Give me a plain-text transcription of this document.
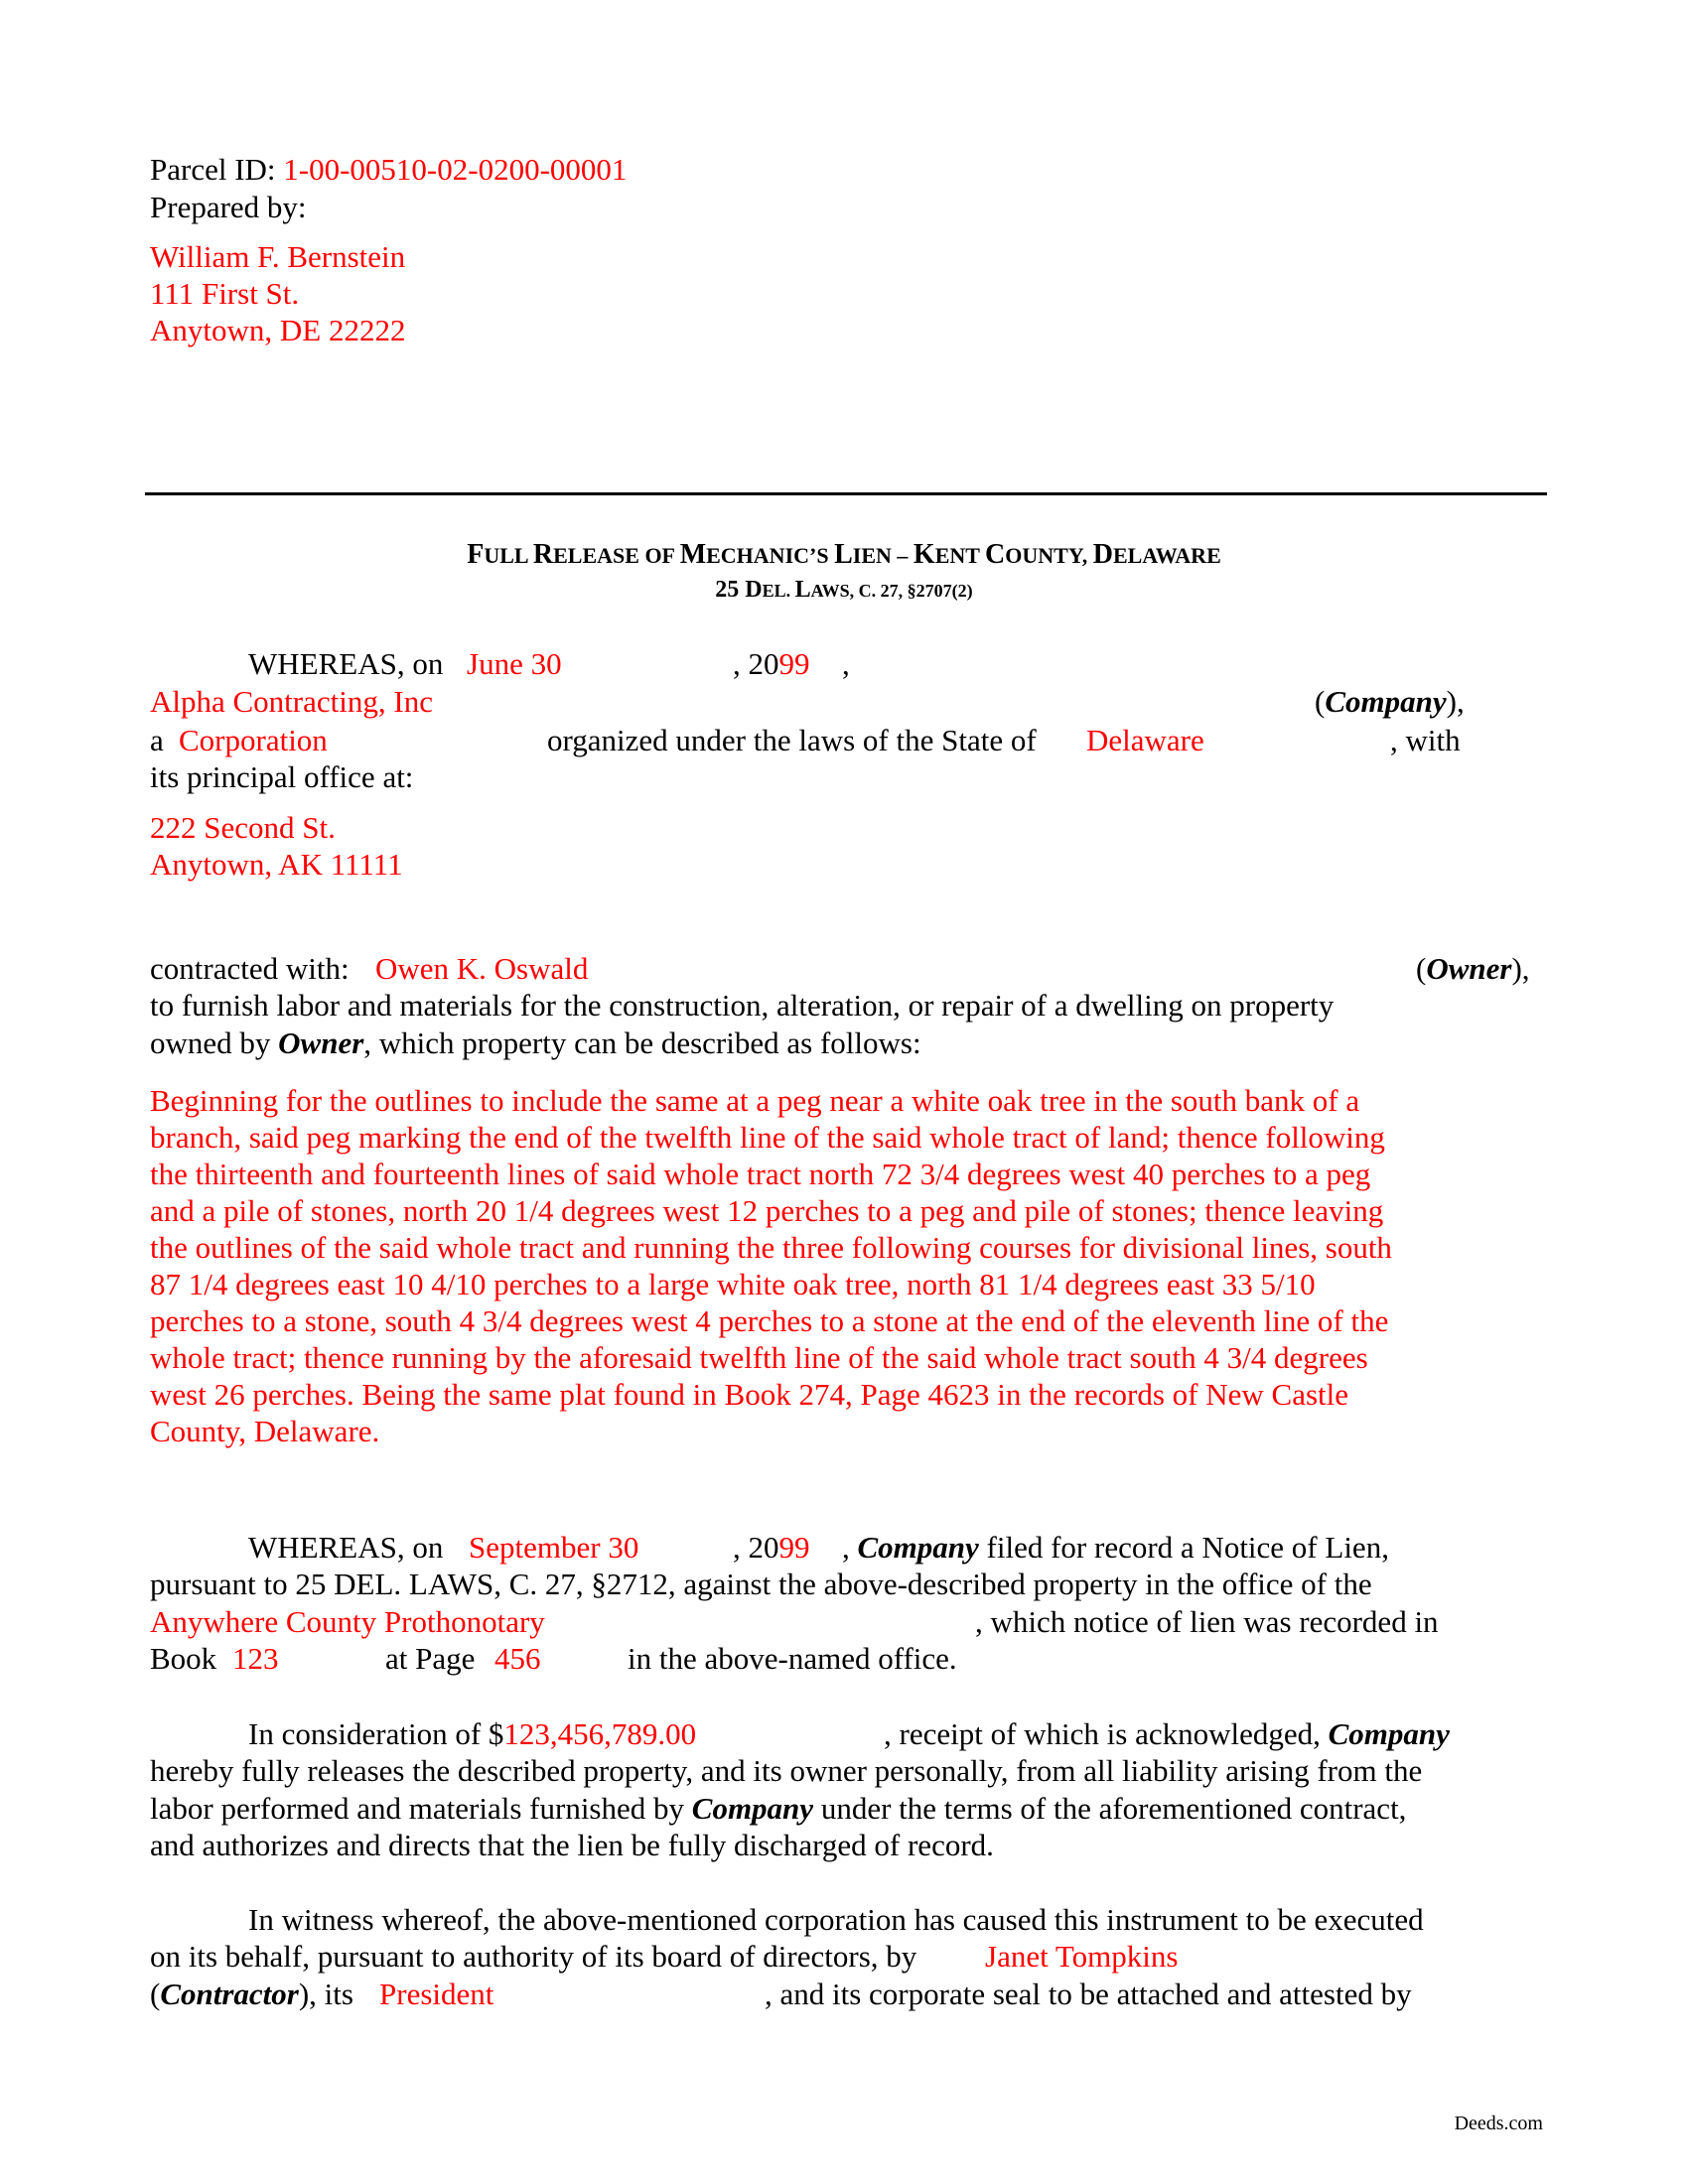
Parcel ID: 1-00-00510-02-0200-00001
Prepared by:
William F. Bernstein
111 First St.
Anytown, DE 22222
FULL RELEASE OF MECHANIC’S LIEN – KENT COUNTY, DELAWARE
25 DEL. LAWS, C. 27, §2707(2)
WHEREAS, on June 30	, 2099 ,
Alpha Contracting, Inc	(Company),
a Corporation	organized under the laws of the State of Delaware	, with
its principal office at:
222 Second St.
Anytown, AK 11111
contracted with: Owen K. Oswald	(Owner),
to furnish labor and materials for the construction, alteration, or repair of a dwelling on property
owned by Owner, which property can be described as follows:

Beginning for the outlines to include the same at a peg near a white oak tree in the south bank of a

branch, said peg marking the end of the twelfth line of the said whole tract of land; thence following

the thirteenth and fourteenth lines of said whole tract north 72 3/4 degrees west 40 perches to a peg

and a pile of stones, north 20 1/4 degrees west 12 perches to a peg and pile of stones; thence leaving

the outlines of the said whole tract and running the three following courses for divisional lines, south

87 1/4 degrees east 10 4/10 perches to a large white oak tree, north 81 1/4 degrees east 33 5/10

perches to a stone, south 4 3/4 degrees west 4 perches to a stone at the end of the eleventh line of the

whole tract; thence running by the aforesaid twelfth line of the said whole tract south 4 3/4 degrees

west 26 perches. Being the same plat found in Book 274, Page 4623 in the records of New Castle

County, Delaware.

WHEREAS, on September 30	, 2099 , Company filed for record a Notice of Lien,
pursuant to 25 DEL. LAWS, C. 27, §2712, against the above-described property in the office of the
Anywhere County Prothonotary	, which notice of lien was recorded in
Book 123	at Page 456	in the above-named office.
In consideration of $123,456,789.00	, receipt of which is acknowledged, Company
hereby fully releases the described property, and its owner personally, from all liability arising from the
labor performed and materials furnished by Company under the terms of the aforementioned contract,
and authorizes and directs that the lien be fully discharged of record.
In witness whereof, the above-mentioned corporation has caused this instrument to be executed
on its behalf, pursuant to authority of its board of directors, by Janet Tompkins
(Contractor), its President	, and its corporate seal to be attached and attested by
Deeds.com
